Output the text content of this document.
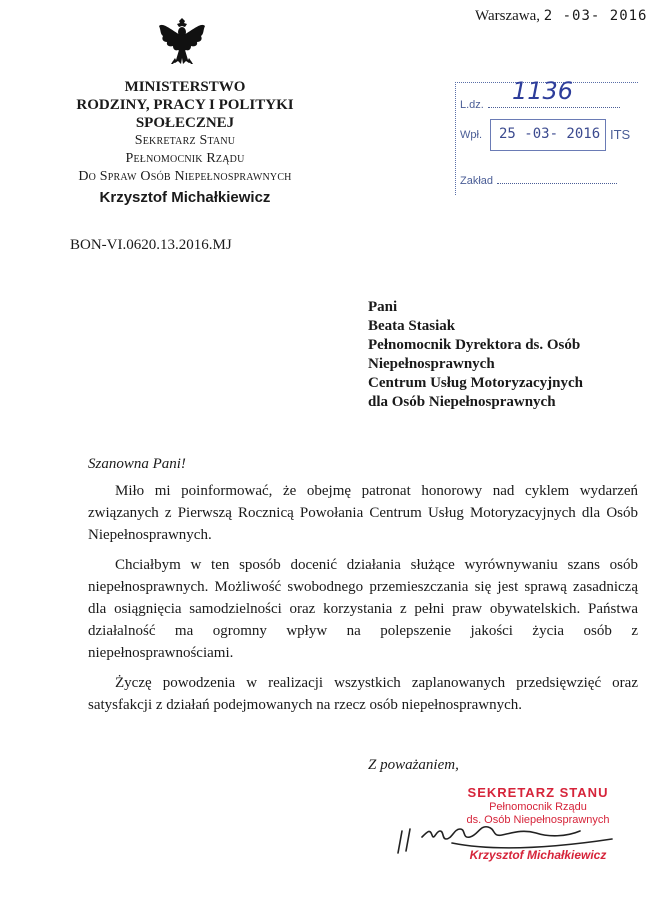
Warszawa, 2 -03- 2016
MINISTERSTWO
RODZINY, PRACY I POLITYKI
SPOŁECZNEJ
Sekretarz Stanu
Pełnomocnik Rządu
Do Spraw Osób Niepełnosprawnych
Krzysztof Michałkiewicz
L.dz.	1136
Wpł. 25 -03- 2016 ITS
Zakład
BON-VI.0620.13.2016.MJ
Pani
Beata Stasiak
Pełnomocnik Dyrektora ds. Osób
Niepełnosprawnych
Centrum Usług Motoryzacyjnych
dla Osób Niepełnosprawnych
Szanowna Pani!

Miło mi poinformować, że obejmę patronat honorowy nad cyklem wydarzeń związanych z Pierwszą Rocznicą Powołania Centrum Usług Motoryzacyjnych dla Osób Niepełnosprawnych.

Chciałbym w ten sposób docenić działania służące wyrównywaniu szans osób niepełnosprawnych. Możliwość swobodnego przemieszczania się jest sprawą zasadniczą dla osiągnięcia samodzielności oraz korzystania z pełni praw obywatelskich. Państwa działalność ma ogromny wpływ na polepszenie jakości życia osób z niepełnosprawnościami.

Życzę powodzenia w realizacji wszystkich zaplanowanych przedsięwzięć oraz satysfakcji z działań podejmowanych na rzecz osób niepełnosprawnych.

Z poważaniem,
SEKRETARZ STANU
Pełnomocnik Rządu
ds. Osób Niepełnosprawnych
Krzysztof Michałkiewicz
